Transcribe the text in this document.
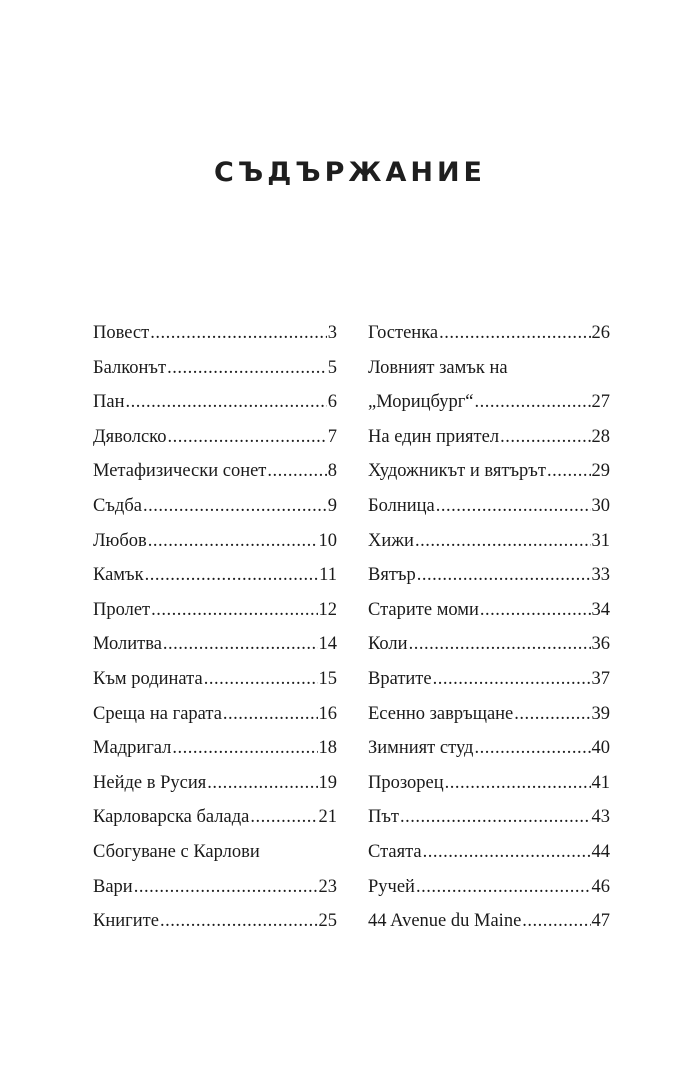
СЪДЪРЖАНИЕ
Повест .....	3
Балконът .....	5
Пан .....	6
Дяволско .....	7
Метафизически сонет .....	8
Съдба .....	9
Любов .....	10
Камък .....	11
Пролет .....	12
Молитва .....	14
Към родината .....	15
Среща на гарата .....	16
Мадригал .....	18
Нейде в Русия .....	19
Карловарска балада .....	21
Сбогуване с Карлови
Вари .....	23
Книгите .....	25
Гостенка .....	26
Ловният замък на
„Морицбург“ .....	27
На един приятел .....	28
Художникът и вятърът ..... 29
Болница .....	30
Хижи .....	31
Вятър .....	33
Старите моми .....	34
Коли .....	36
Вратите .....	37
Есенно завръщане .....	39
Зимният студ .....	40
Прозорец .....	41
Път .....	43
Стаята .....	44
Ручей .....	46
44 Avenue du Maine .....	47
